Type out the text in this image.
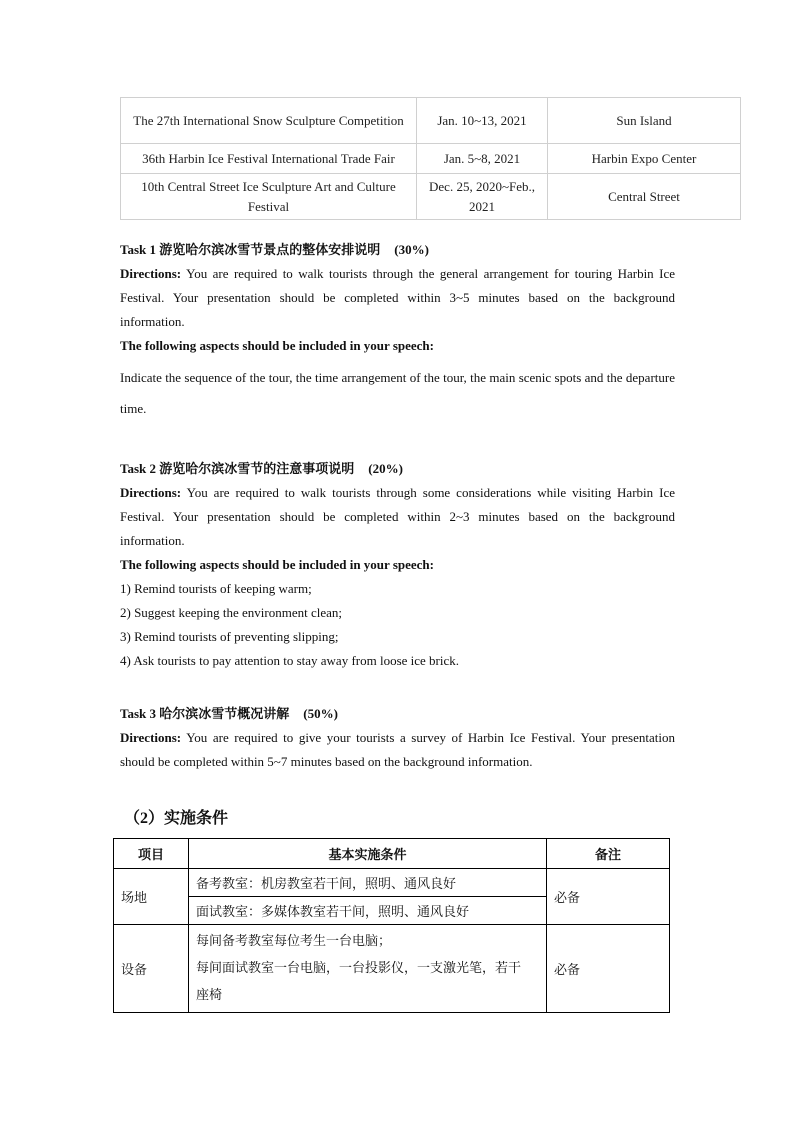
The 27th International Snow Sculpture Competition	Jan. 10~13, 2021	Sun Island
36th Harbin Ice Festival International Trade Fair	Jan. 5~8, 2021	Harbin Expo Center
10th Central Street Ice Sculpture Art and Culture Festival	Dec. 25, 2020~Feb., 2021	Central Street

Task 1 游览哈尔滨冰雪节景点的整体安排说明 (30%)

Directions: You are required to walk tourists through the general arrangement for touring Harbin Ice Festival. Your presentation should be completed within 3~5 minutes based on the background information.

The following aspects should be included in your speech:

Indicate the sequence of the tour, the time arrangement of the tour, the main scenic spots and the departure time.

Task 2 游览哈尔滨冰雪节的注意事项说明 (20%)

Directions: You are required to walk tourists through some considerations while visiting Harbin Ice Festival. Your presentation should be completed within 2~3 minutes based on the background information.

The following aspects should be included in your speech:

1) Remind tourists of keeping warm;

2) Suggest keeping the environment clean;

3) Remind tourists of preventing slipping;

4) Ask tourists to pay attention to stay away from loose ice brick.

Task 3 哈尔滨冰雪节概况讲解 (50%)

Directions: You are required to give your tourists a survey of Harbin Ice Festival. Your presentation should be completed within 5~7 minutes based on the background information.

（2）实施条件
项目	基本实施条件	备注
场地	备考教室：机房教室若干间，照明、通风良好	必备
	面试教室：多媒体教室若干间，照明、通风良好	
设备	每间备考教室每位考生一台电脑；
每间面试教室一台电脑，一台投影仪，一支激光笔，若干
座椅	必备
